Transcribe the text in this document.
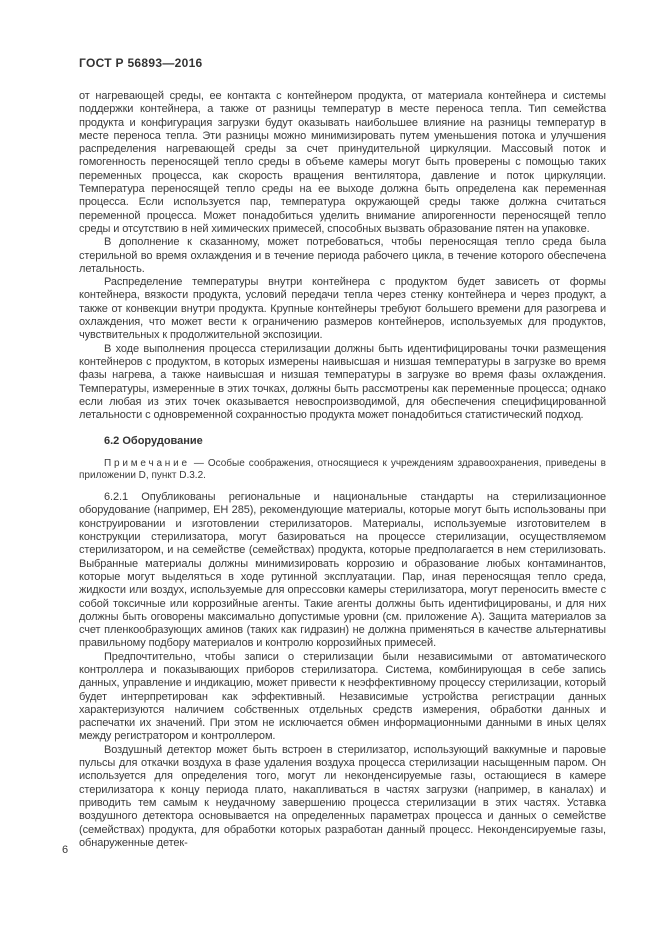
ГОСТ Р 56893—2016

от нагревающей среды, ее контакта с контейнером продукта, от материала контейнера и системы поддержки контейнера, а также от разницы температур в месте переноса тепла. Тип семейства продукта и конфигурация загрузки будут оказывать наибольшее влияние на разницы температур в месте переноса тепла. Эти разницы можно минимизировать путем уменьшения потока и улучшения распределения нагревающей среды за счет принудительной циркуляции. Массовый поток и гомогенность переносящей тепло среды в объеме камеры могут быть проверены с помощью таких переменных процесса, как скорость вращения вентилятора, давление и поток циркуляции. Температура переносящей тепло среды на ее выходе должна быть определена как переменная процесса. Если используется пар, температура окружающей среды также должна считаться переменной процесса. Может понадобиться уделить внимание апирогенности переносящей тепло среды и отсутствию в ней химических примесей, способных вызвать образование пятен на упаковке.

В дополнение к сказанному, может потребоваться, чтобы переносящая тепло среда была стерильной во время охлаждения и в течение периода рабочего цикла, в течение которого обеспечена летальность.

Распределение температуры внутри контейнера с продуктом будет зависеть от формы контейнера, вязкости продукта, условий передачи тепла через стенку контейнера и через продукт, а также от конвекции внутри продукта. Крупные контейнеры требуют большего времени для разогрева и охлаждения, что может вести к ограничению размеров контейнеров, используемых для продуктов, чувствительных к продолжительной экспозиции.

В ходе выполнения процесса стерилизации должны быть идентифицированы точки размещения контейнеров с продуктом, в которых измерены наивысшая и низшая температуры в загрузке во время фазы нагрева, а также наивысшая и низшая температуры в загрузке во время фазы охлаждения. Температуры, измеренные в этих точках, должны быть рассмотрены как переменные процесса; однако если любая из этих точек оказывается невоспроизводимой, для обеспечения специфицированной летальности с одновременной сохранностью продукта может понадобиться статистический подход.

6.2 Оборудование

Примечание — Особые соображения, относящиеся к учреждениям здравоохранения, приведены в приложении D, пункт D.3.2.

6.2.1 Опубликованы региональные и национальные стандарты на стерилизационное оборудование (например, ЕН 285), рекомендующие материалы, которые могут быть использованы при конструировании и изготовлении стерилизаторов. Материалы, используемые изготовителем в конструкции стерилизатора, могут базироваться на процессе стерилизации, осуществляемом стерилизатором, и на семействе (семействах) продукта, которые предполагается в нем стерилизовать. Выбранные материалы должны минимизировать коррозию и образование любых контаминантов, которые могут выделяться в ходе рутинной эксплуатации. Пар, иная переносящая тепло среда, жидкости или воздух, используемые для опрессовки камеры стерилизатора, могут переносить вместе с собой токсичные или коррозийные агенты. Такие агенты должны быть идентифицированы, и для них должны быть оговорены максимально допустимые уровни (см. приложение А). Защита материалов за счет пленкообразующих аминов (таких как гидразин) не должна применяться в качестве альтернативы правильному подбору материалов и контролю коррозийных примесей.

Предпочтительно, чтобы записи о стерилизации были независимыми от автоматического контроллера и показывающих приборов стерилизатора. Система, комбинирующая в себе запись данных, управление и индикацию, может привести к неэффективному процессу стерилизации, который будет интерпретирован как эффективный. Независимые устройства регистрации данных характеризуются наличием собственных отдельных средств измерения, обработки данных и распечатки их значений. При этом не исключается обмен информационными данными в иных целях между регистратором и контроллером.

Воздушный детектор может быть встроен в стерилизатор, использующий ваккумные и паровые пульсы для откачки воздуха в фазе удаления воздуха процесса стерилизации насыщенным паром. Он используется для определения того, могут ли неконденсируемые газы, остающиеся в камере стерилизатора к концу периода плато, накапливаться в частях загрузки (например, в каналах) и приводить тем самым к неудачному завершению процесса стерилизации в этих частях. Уставка воздушного детектора основывается на определенных параметрах процесса и данных о семействе (семействах) продукта, для обработки которых разработан данный процесс. Неконденсируемые газы, обнаруженные детек-

6
